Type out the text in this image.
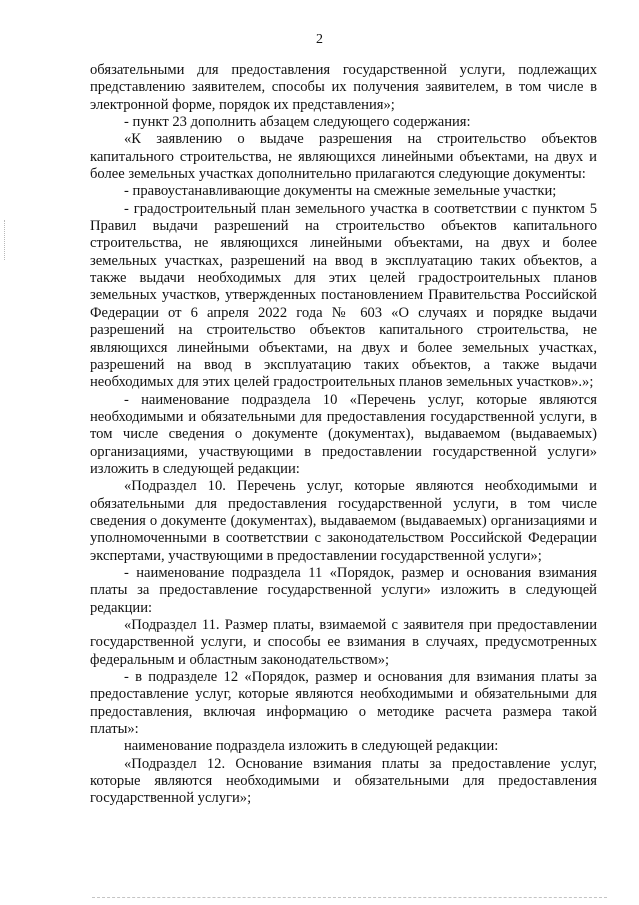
2

обязательными для предоставления государственной услуги, подлежащих представлению заявителем, способы их получения заявителем, в том числе в электронной форме, порядок их представления»;

- пункт 23 дополнить абзацем следующего содержания:

«К заявлению о выдаче разрешения на строительство объектов капитального строительства, не являющихся линейными объектами, на двух и более земельных участках дополнительно прилагаются следующие документы:

- правоустанавливающие документы на смежные земельные участки;

- градостроительный план земельного участка в соответствии с пунктом 5 Правил выдачи разрешений на строительство объектов капитального строительства, не являющихся линейными объектами, на двух и более земельных участках, разрешений на ввод в эксплуатацию таких объектов, а также выдачи необходимых для этих целей градостроительных планов земельных участков, утвержденных постановлением Правительства Российской Федерации от 6 апреля 2022 года № 603 «О случаях и порядке выдачи разрешений на строительство объектов капитального строительства, не являющихся линейными объектами, на двух и более земельных участках, разрешений на ввод в эксплуатацию таких объектов, а также выдачи необходимых для этих целей градостроительных планов земельных участков».»;

- наименование подраздела 10 «Перечень услуг, которые являются необходимыми и обязательными для предоставления государственной услуги, в том числе сведения о документе (документах), выдаваемом (выдаваемых) организациями, участвующими в предоставлении государственной услуги» изложить в следующей редакции:

«Подраздел 10. Перечень услуг, которые являются необходимыми и обязательными для предоставления государственной услуги, в том числе сведения о документе (документах), выдаваемом (выдаваемых) организациями и уполномоченными в соответствии с законодательством Российской Федерации экспертами, участвующими в предоставлении государственной услуги»;

- наименование подраздела 11 «Порядок, размер и основания взимания платы за предоставление государственной услуги» изложить в следующей редакции:

«Подраздел 11. Размер платы, взимаемой с заявителя при предоставлении государственной услуги, и способы ее взимания в случаях, предусмотренных федеральным и областным законодательством»;

- в подразделе 12 «Порядок, размер и основания для взимания платы за предоставление услуг, которые являются необходимыми и обязательными для предоставления, включая информацию о методике расчета размера такой платы»:

наименование подраздела изложить в следующей редакции:

«Подраздел 12. Основание взимания платы за предоставление услуг, которые являются необходимыми и обязательными для предоставления государственной услуги»;
